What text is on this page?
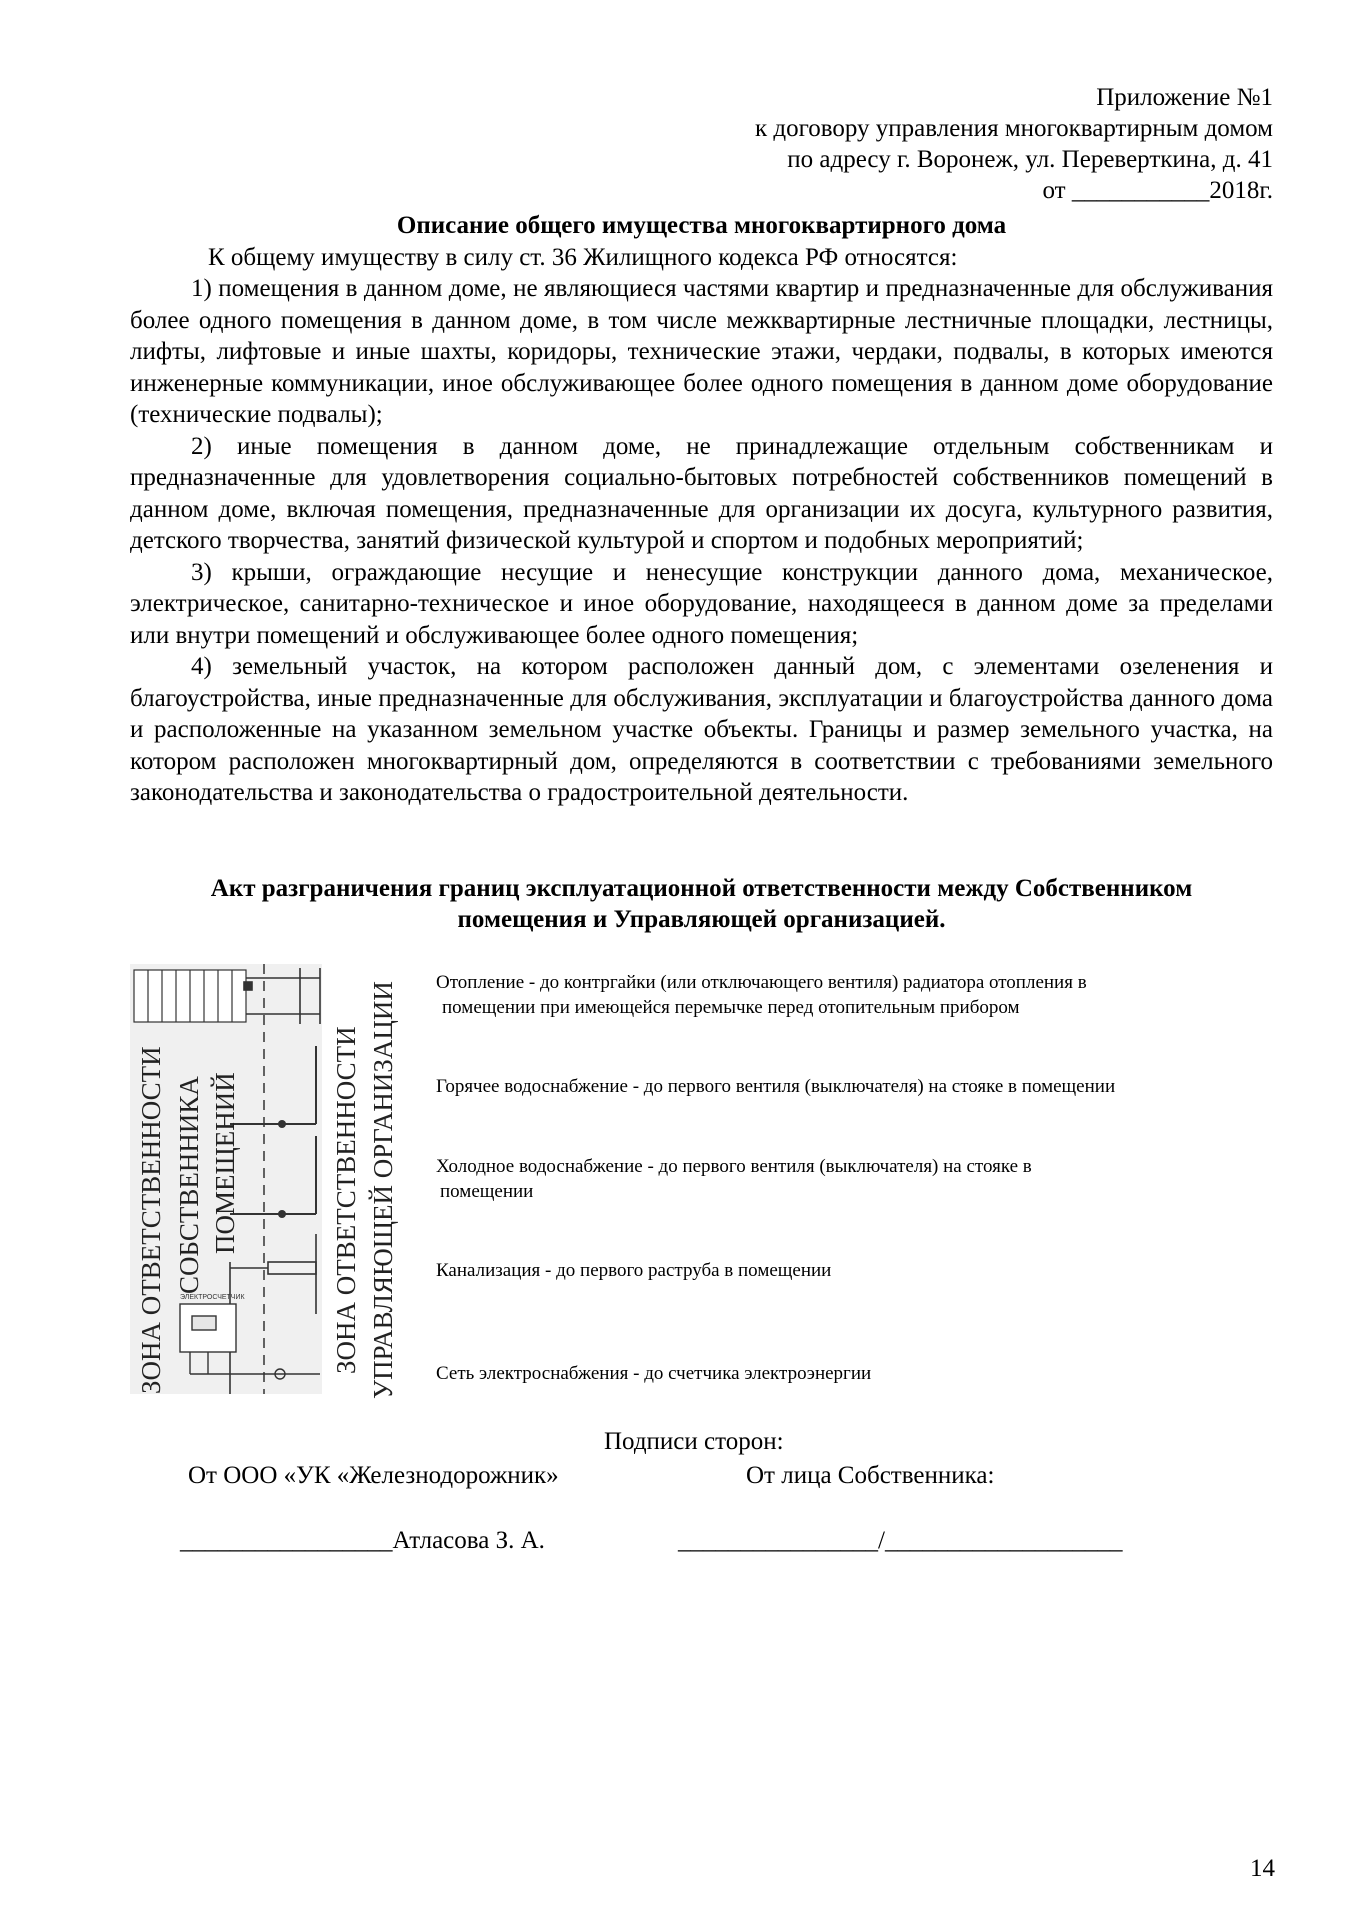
Приложение №1
к договору управления многоквартирным домом
по адресу г. Воронеж, ул. Переверткина, д. 41
от ___________2018г.
Описание общего имущества многоквартирного дома
К общему имуществу в силу ст. 36 Жилищного кодекса РФ относятся:

1) помещения в данном доме, не являющиеся частями квартир и предназначенные для обслуживания более одного помещения в данном доме, в том числе межквартирные лестничные площадки, лестницы, лифты, лифтовые и иные шахты, коридоры, технические этажи, чердаки, подвалы, в которых имеются инженерные коммуникации, иное обслуживающее более одного помещения в данном доме оборудование (технические подвалы);

2) иные помещения в данном доме, не принадлежащие отдельным собственникам и предназначенные для удовлетворения социально-бытовых потребностей собственников помещений в данном доме, включая помещения, предназначенные для организации их досуга, культурного развития, детского творчества, занятий физической культурой и спортом и подобных мероприятий;

3) крыши, ограждающие несущие и ненесущие конструкции данного дома, механическое, электрическое, санитарно-техническое и иное оборудование, находящееся в данном доме за пределами или внутри помещений и обслуживающее более одного помещения;

4) земельный участок, на котором расположен данный дом, с элементами озеленения и благоустройства, иные предназначенные для обслуживания, эксплуатации и благоустройства данного дома и расположенные на указанном земельном участке объекты. Границы и размер земельного участка, на котором расположен многоквартирный дом, определяются в соответствии с требованиями земельного законодательства и законодательства о градостроительной деятельности.

Акт разграничения границ эксплуатационной ответственности между Собственником
помещения и Управляющей организацией.
ЭЛЕКТРОСЧЕТЧИК
ЗОНА ОТВЕТСТВЕННОСТИ СОБСТВЕННИКА ПОМЕЩЕНИЙ	ЗОНА ОТВЕТСТВЕННОСТИ УПРАВЛЯЮЩЕЙ ОРГАНИЗАЦИИ Отопление - до контргайки (или отключающего вентиля) радиатора отопления в
помещении при имеющейся перемычке перед отопительным прибором
Горячее водоснабжение - до первого вентиля (выключателя) на стояке в помещении
Холодное водоснабжение - до первого вентиля (выключателя) на стояке в
помещении
Канализация - до первого раструба в помещении
Сеть электроснабжения - до счетчика электроэнергии
Подписи сторон:
От ООО «УК «Железнодорожник»	От лица Собственника:
_________________Атласова З. А.	________________/___________________
14
